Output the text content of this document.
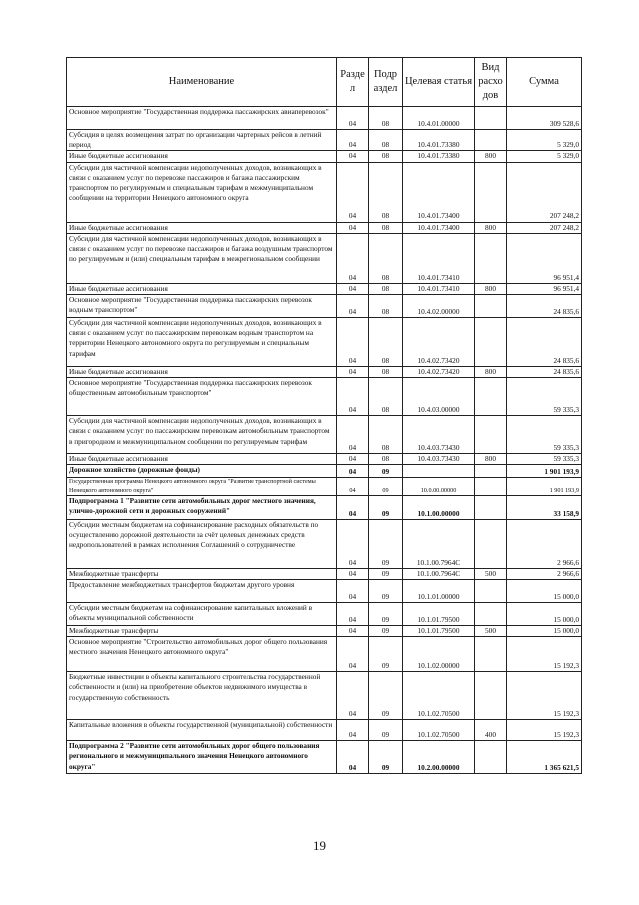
Наименование	Разде л	Подр аздел	Целевая статья	Вид расхо дов	Сумма
Основное мероприятие "Государственная поддержка пассажирских авиаперевозок"	04	08	10.4.01.00000		309 528,6
Субсидия в целях возмещения затрат по организации чартерных рейсов в летний период	04	08	10.4.01.73380		5 329,0
Иные бюджетные ассигнования	04	08	10.4.01.73380	800	5 329,0
Субсидии для частичной компенсации недополученных доходов, возникающих в связи с оказанием услуг по перевозке пассажиров и багажа пассажирским транспортом по регулируемым и специальным тарифам в межмуниципальном сообщении на территории Ненецкого автономного округа	04	08	10.4.01.73400		207 248,2
Иные бюджетные ассигнования	04	08	10.4.01.73400	800	207 248,2
Субсидии для частичной компенсации недополученных доходов, возникающих в связи с оказанием услуг по перевозке пассажиров и багажа воздушным транспортом по регулируемым и (или) специальным тарифам в межрегиональном сообщении	04	08	10.4.01.73410		96 951,4
Иные бюджетные ассигнования	04	08	10.4.01.73410	800	96 951,4
Основное мероприятие "Государственная поддержка пассажирских перевозок водным транспортом"	04	08	10.4.02.00000		24 835,6
Субсидии для частичной компенсации недополученных доходов, возникающих в связи с оказанием услуг по пассажирским перевозкам водным транспортом на территории Ненецкого автономного округа по регулируемым и специальным тарифам	04	08	10.4.02.73420		24 835,6
Иные бюджетные ассигнования	04	08	10.4.02.73420	800	24 835,6
Основное мероприятие "Государственная поддержка пассажирских перевозок общественным автомобильным транспортом"	04	08	10.4.03.00000		59 335,3
Субсидии для частичной компенсации недополученных доходов, возникающих в связи с оказанием услуг по пассажирским перевозкам автомобильным транспортом в пригородном и межмуниципальном сообщении по регулируемым тарифам	04	08	10.4.03.73430		59 335,3
Иные бюджетные ассигнования	04	08	10.4.03.73430	800	59 335,3
Дорожное хозяйство (дорожные фонды)	04	09			1 901 193,9
Государственная программа Ненецкого автономного округа "Развитие транспортной системы Ненецкого автономного округа"	04	09	10.0.00.00000		1 901 193,9
Подпрограмма 1 "Развитие сети автомобильных дорог местного значения, улично-дорожной сети и дорожных сооружений"	04	09	10.1.00.00000		33 158,9
Субсидии местным бюджетам на софинансирование расходных обязательств по осуществлению дорожной деятельности за счёт целевых денежных средств недропользователей в рамках исполнения Соглашений о сотрудничестве	04	09	10.1.00.7964С		2 966,6
Межбюджетные трансферты	04	09	10.1.00.7964С	500	2 966,6
Предоставление межбюджетных трансфертов бюджетам другого уровня	04	09	10.1.01.00000		15 000,0
Субсидии местным бюджетам на софинансирование капитальных вложений в объекты муниципальной собственности	04	09	10.1.01.79500		15 000,0
Межбюджетные трансферты	04	09	10.1.01.79500	500	15 000,0
Основное мероприятие "Строительство автомобильных дорог общего пользования местного значения Ненецкого автономного округа"	04	09	10.1.02.00000		15 192,3
Бюджетные инвестиции в объекты капитального строительства государственной собственности и (или) на приобретение объектов недвижимого имущества в государственную собственность	04	09	10.1.02.70500		15 192,3
Капитальные вложения в объекты государственной (муниципальной) собственности	04	09	10.1.02.70500	400	15 192,3
Подпрограмма 2 "Развитие сети автомобильных дорог общего пользования регионального и межмуниципального значения Ненецкого автономного округа"	04	09	10.2.00.00000		1 365 621,5
19
